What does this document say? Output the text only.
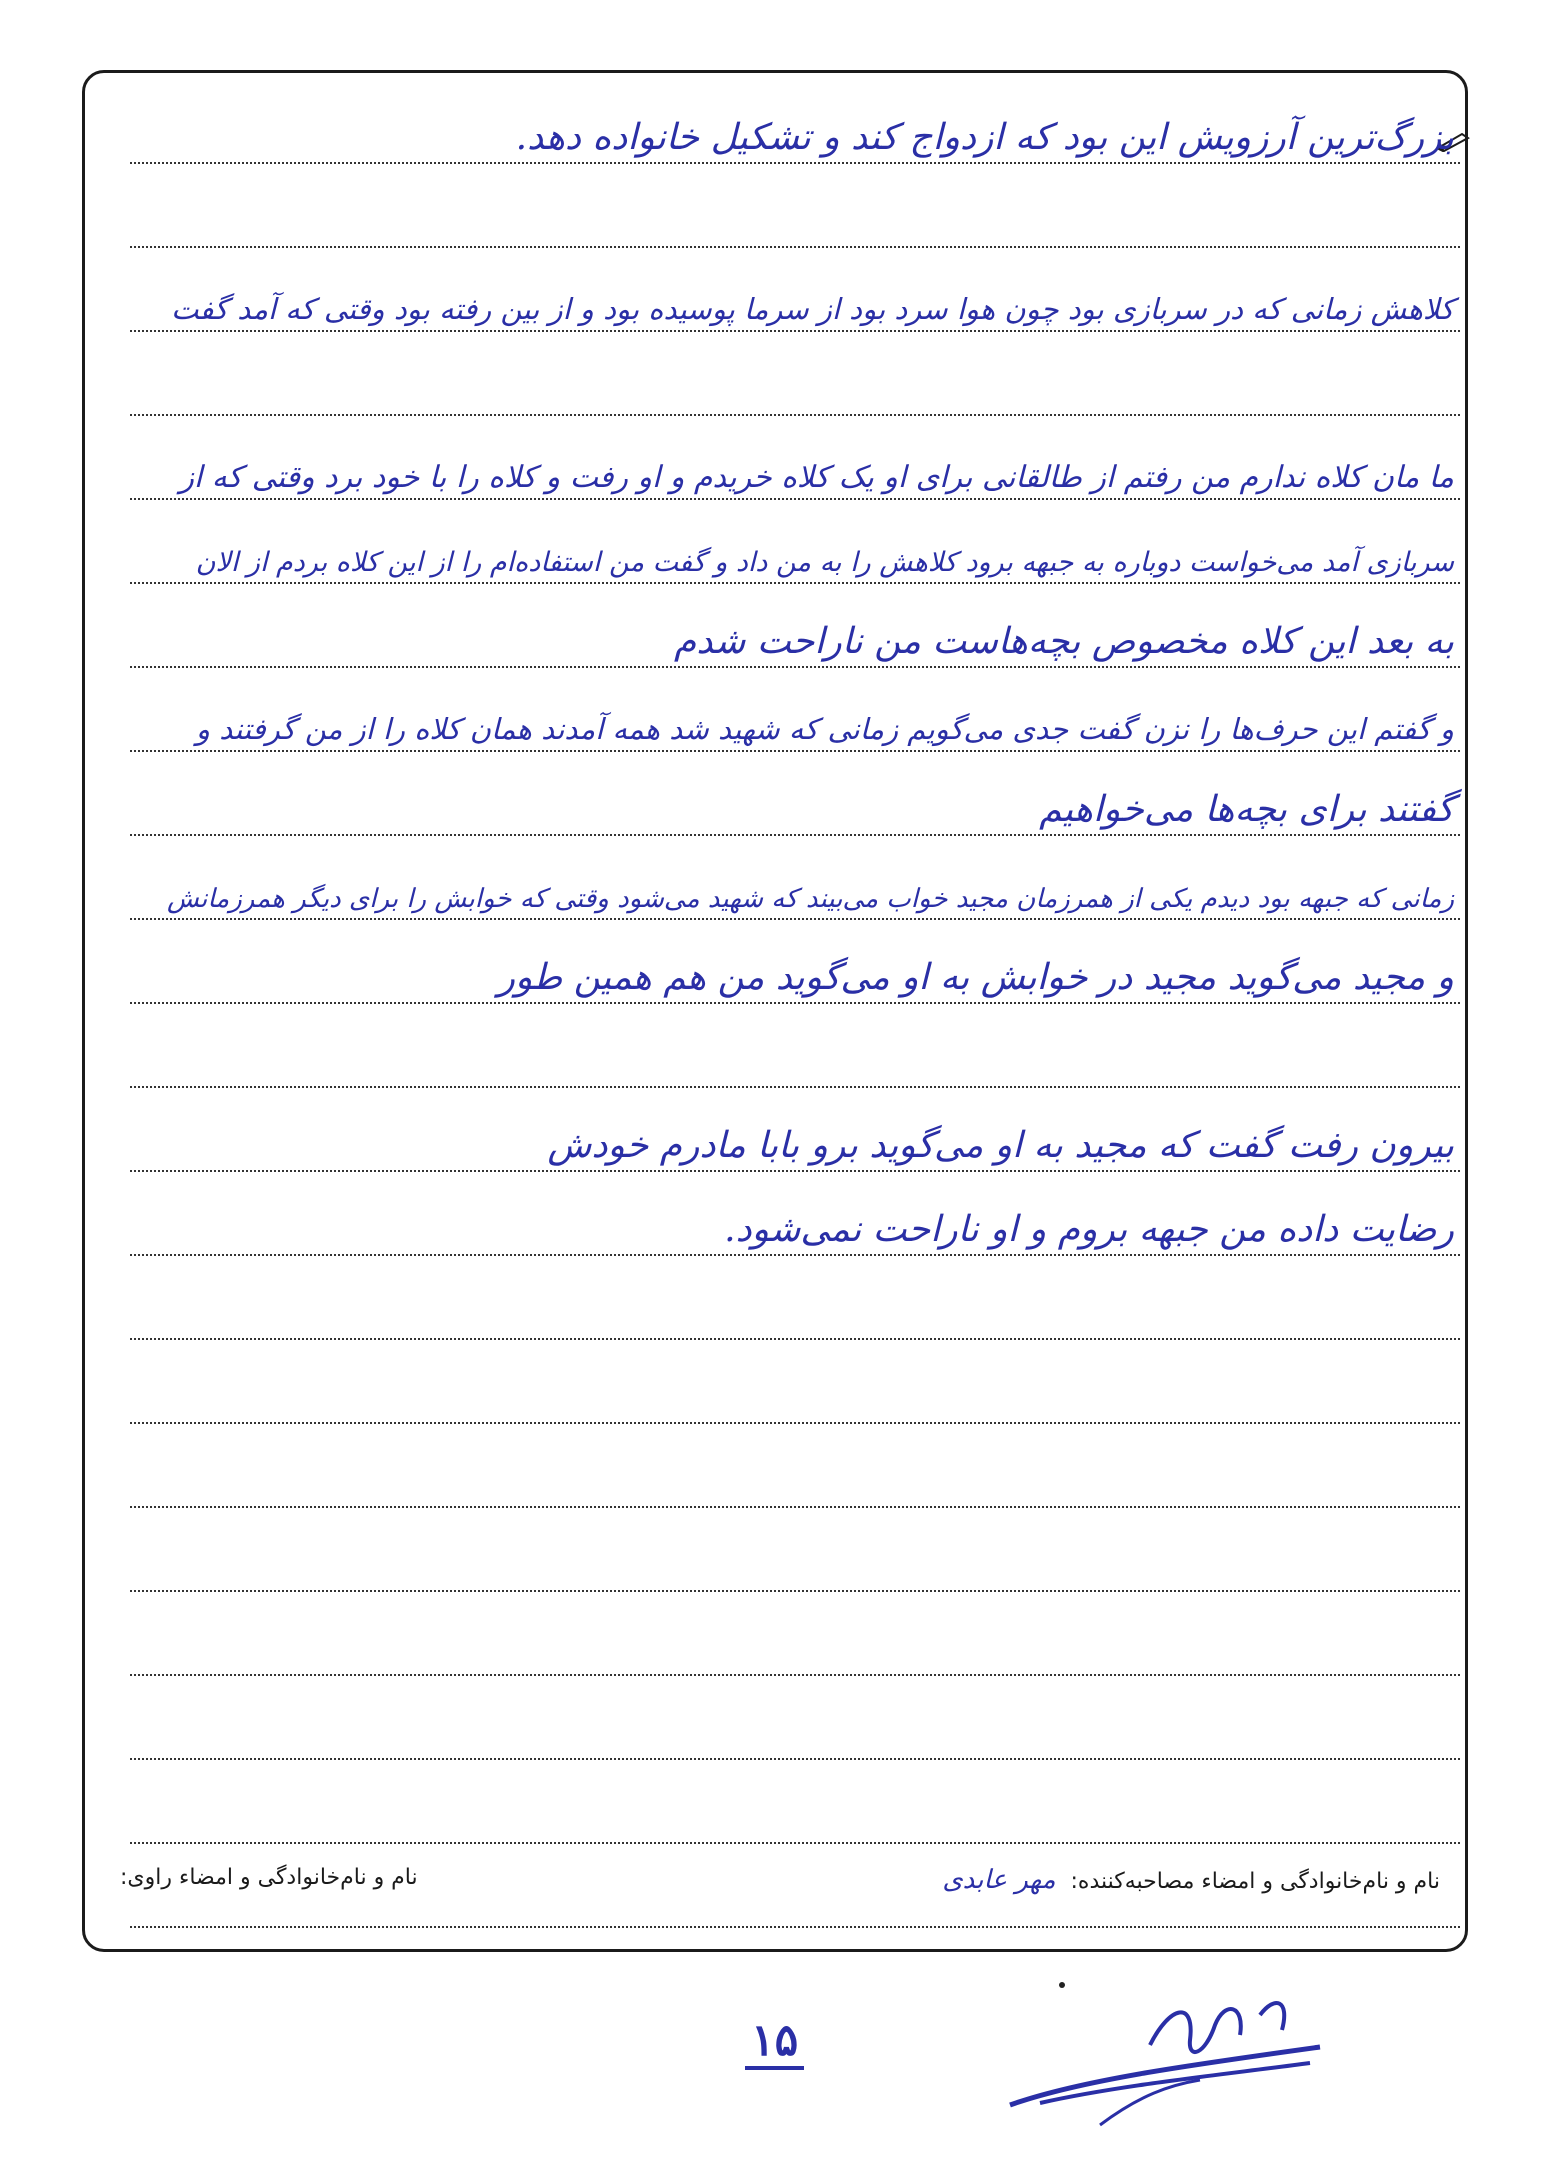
بزرگ‌ترین آرزویش این بود که ازدواج کند و تشکیل خانواده دهد.
کلاهش زمانی که در سربازی بود چون هوا سرد بود از سرما پوسیده بود و از بین رفته بود وقتی که آمد گفت
ما مان کلاه ندارم من رفتم از طالقانی برای او یک کلاه خریدم و او رفت و کلاه را با خود برد وقتی که از
سربازی آمد می‌خواست دوباره به جبهه برود کلاهش را به من داد و گفت من استفاده‌ام را از این کلاه بردم از الان
به بعد این کلاه مخصوص بچه‌هاست من ناراحت شدم
و گفتم این حرف‌ها را نزن گفت جدی می‌گویم زمانی که شهید شد همه آمدند همان کلاه را از من گرفتند و
گفتند برای بچه‌ها می‌خواهیم
زمانی که جبهه بود دیدم یکی از همرزمان مجید خواب می‌بیند که شهید می‌شود وقتی که خوابش را برای دیگر همرزمانش
و مجید می‌گوید مجید در خوابش به او می‌گوید من هم همین طور
بیرون رفت گفت که مجید به او می‌گوید برو بابا مادرم خودش
رضایت داده من جبهه بروم و او ناراحت نمی‌شود.
نام و نام‌خانوادگی و امضاء مصاحبه‌کننده: مهر عابدی
نام و نام‌خانوادگی و امضاء راوی:
۱۵
